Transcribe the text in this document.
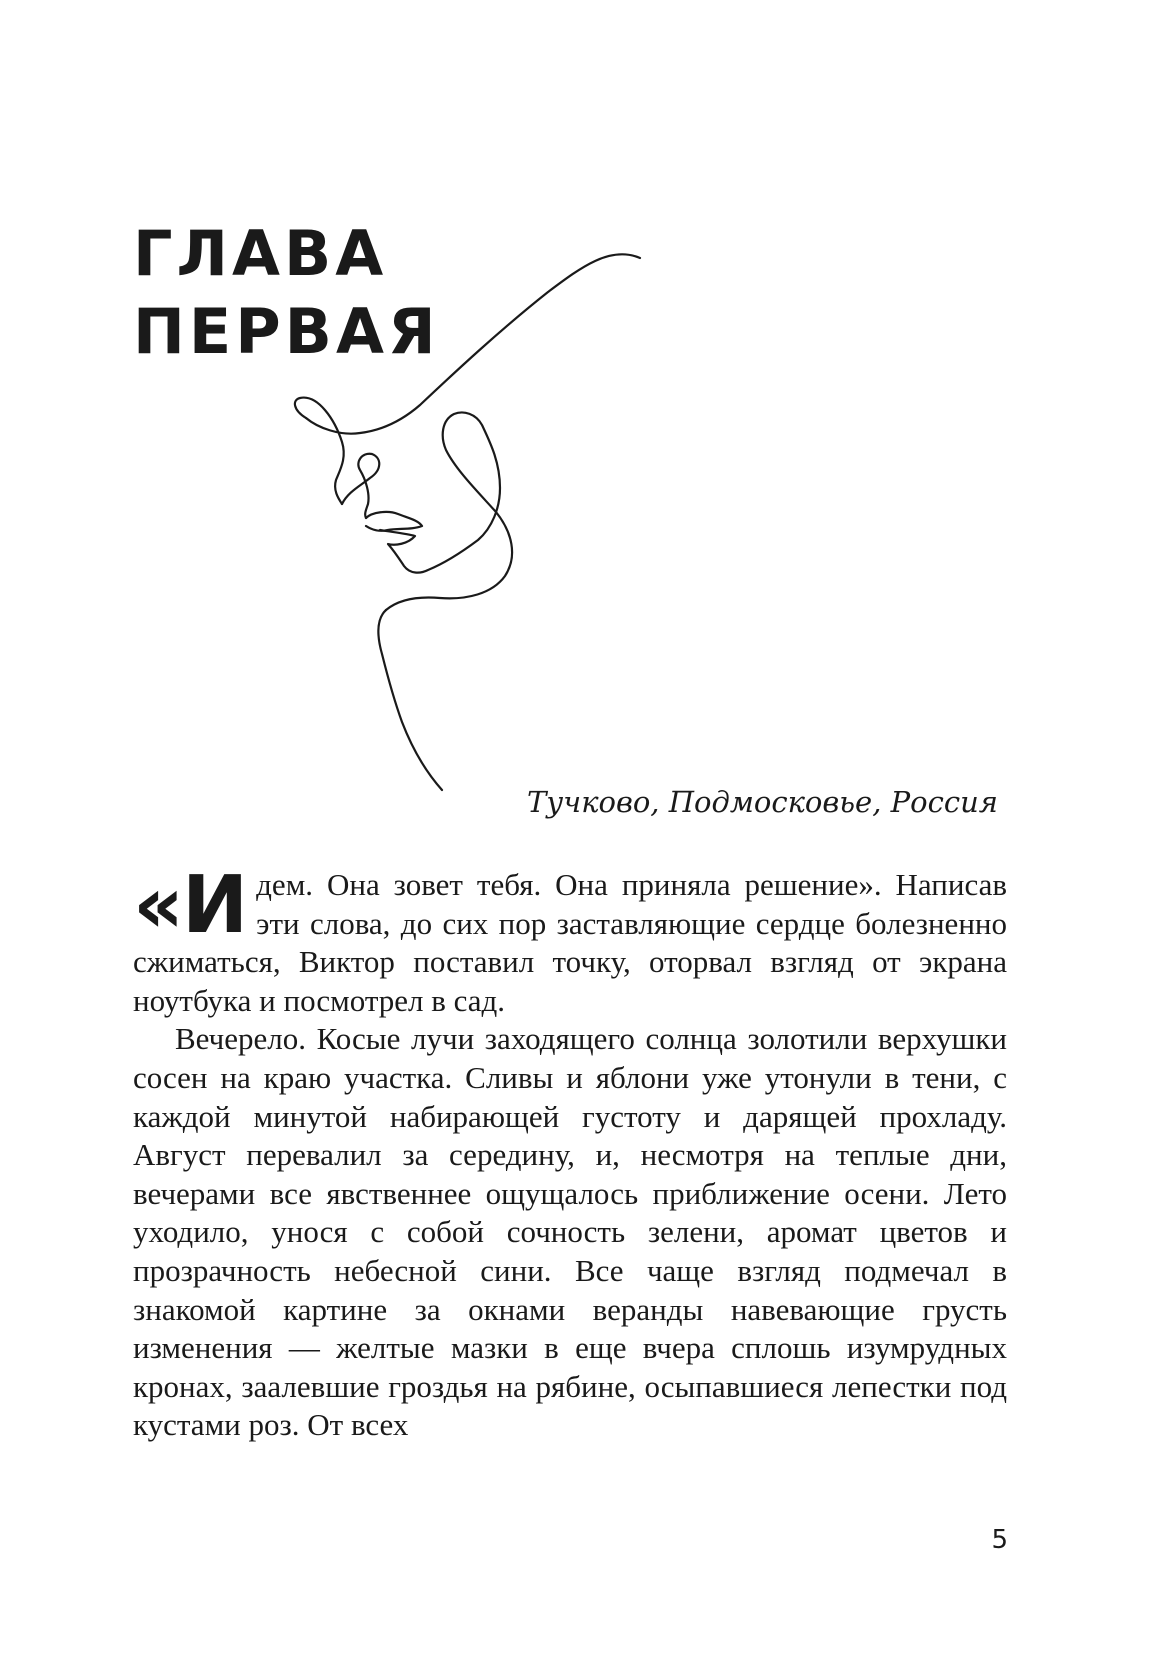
ГЛАВА
ПЕРВАЯ
Тучково, Подмосковье, Россия

«Идем. Она зовет тебя. Она приняла решение». Написав эти слова, до сих пор заставляющие сердце болезненно сжиматься, Виктор поставил точку, оторвал взгляд от экрана ноутбука и посмотрел в сад.

Вечерело. Косые лучи заходящего солнца золотили верхушки сосен на краю участка. Сливы и яблони уже утонули в тени, с каждой минутой набирающей густоту и дарящей прохладу. Август перевалил за середину, и, несмотря на теплые дни, вечерами все явственнее ощущалось приближение осени. Лето уходило, унося с собой сочность зелени, аромат цветов и прозрачность небесной сини. Все чаще взгляд подмечал в знакомой картине за окнами веранды навевающие грусть изменения — желтые мазки в еще вчера сплошь изумрудных кронах, заалевшие гроздья на рябине, осыпавшиеся лепестки под кустами роз. От всех

5
